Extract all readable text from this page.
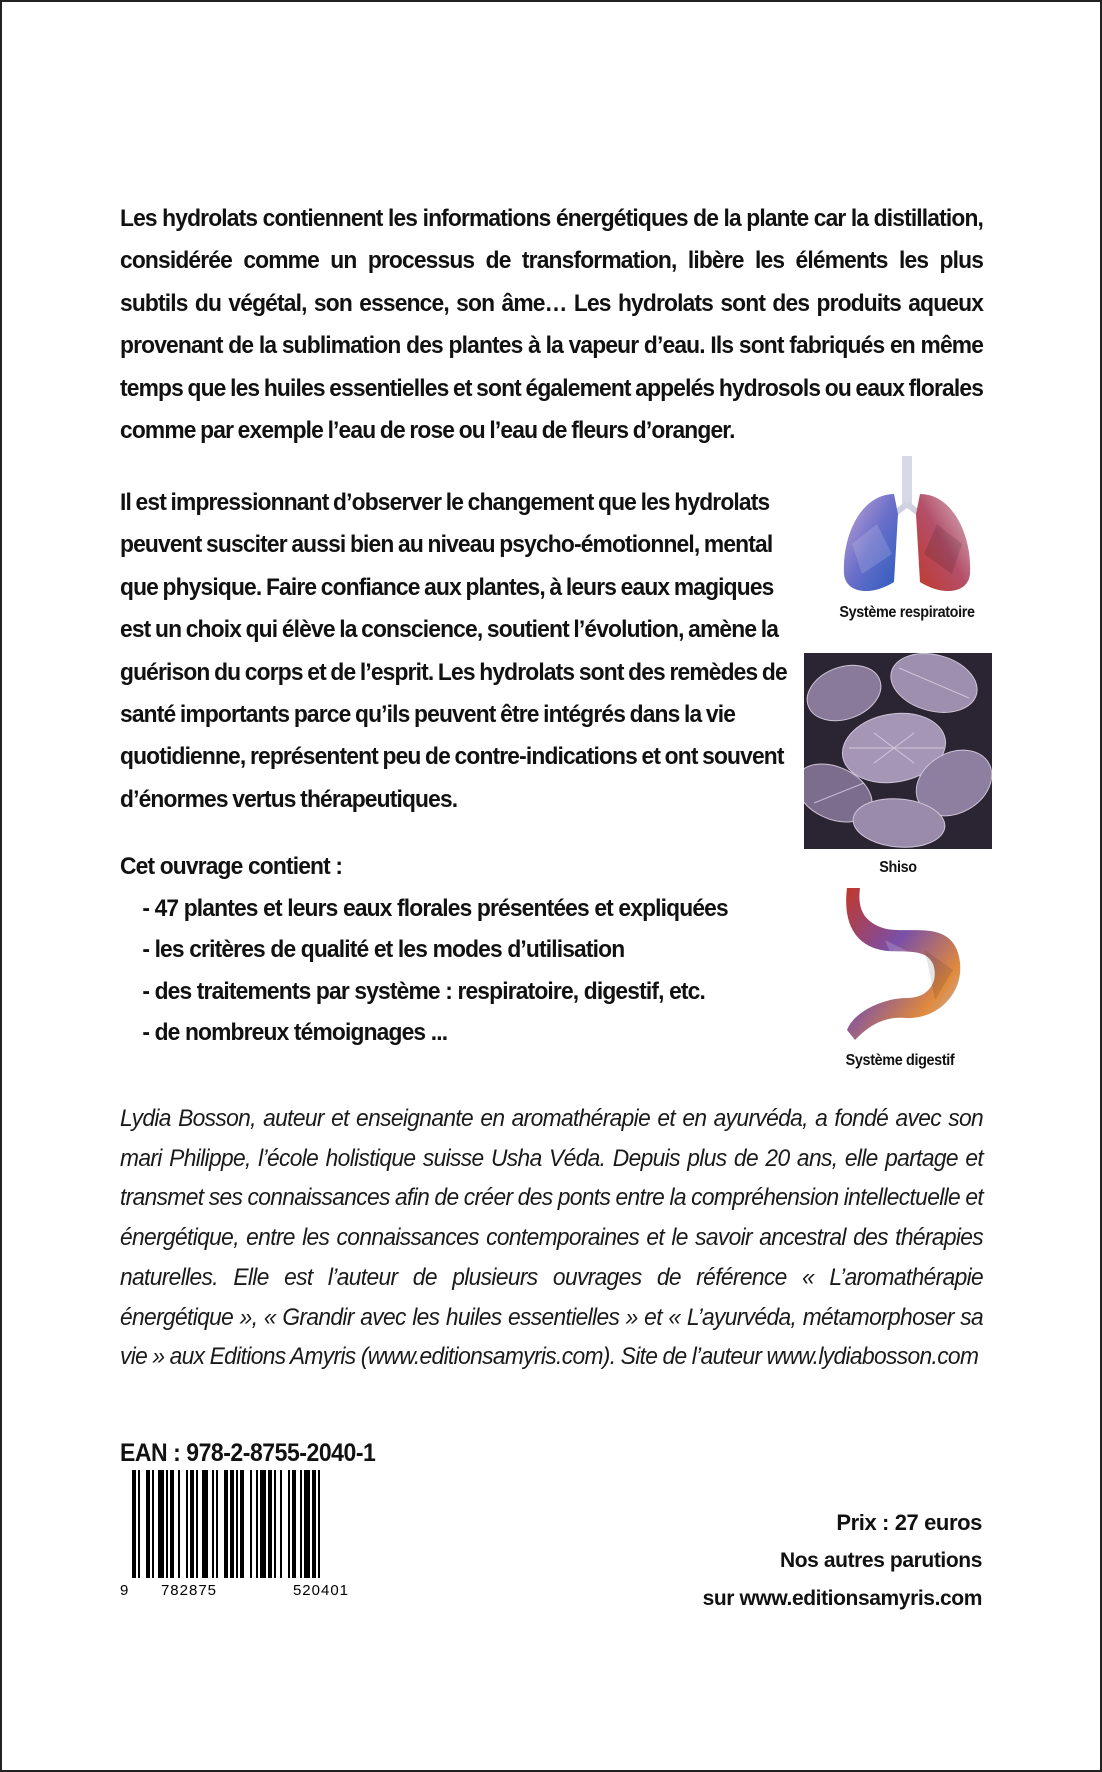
Les hydrolats contiennent les informations énergétiques de la plante car la distillation, considérée comme un processus de transformation, libère les éléments les plus subtils du végétal, son essence, son âme… Les hydrolats sont des produits aqueux provenant de la sublimation des plantes à la vapeur d’eau. Ils sont fabriqués en même temps que les huiles essentielles et sont également appelés hydrosols ou eaux florales comme par exemple l’eau de rose ou l’eau de fleurs d’oranger.

Il est impressionnant d’observer le changement que les hydrolats peuvent susciter aussi bien au niveau psycho-émotionnel, mental que physique. Faire confiance aux plantes, à leurs eaux magiques est un choix qui élève la conscience, soutient l’évolution, amène la guérison du corps et de l’esprit. Les hydrolats sont des remèdes de santé importants parce qu’ils peuvent être intégrés dans la vie quotidienne, représentent peu de contre-indications et ont souvent d’énormes vertus thérapeutiques.

Système respiratoire
Shiso
Système digestif
Cet ouvrage contient :
- 47 plantes et leurs eaux florales présentées et expliquées
- les critères de qualité et les modes d’utilisation
- des traitements par système : respiratoire, digestif, etc.
- de nombreux témoignages ...

Lydia Bosson, auteur et enseignante en aromathérapie et en ayurvéda, a fondé avec son mari Philippe, l’école holistique suisse Usha Véda. Depuis plus de 20 ans, elle partage et transmet ses connaissances afin de créer des ponts entre la compréhension intellectuelle et énergétique, entre les connaissances contemporaines et le savoir ancestral des thérapies naturelles. Elle est l’auteur de plusieurs ouvrages de référence « L’aromathérapie énergétique », « Grandir avec les huiles essentielles » et « L’ayurvéda, métamorphoser sa vie » aux Editions Amyris (www.editionsamyris.com). Site de l’auteur www.lydiabosson.com

EAN : 978-2-8755-2040-1
9 782875	520401
Prix : 27 euros
Nos autres parutions
sur www.editionsamyris.com
